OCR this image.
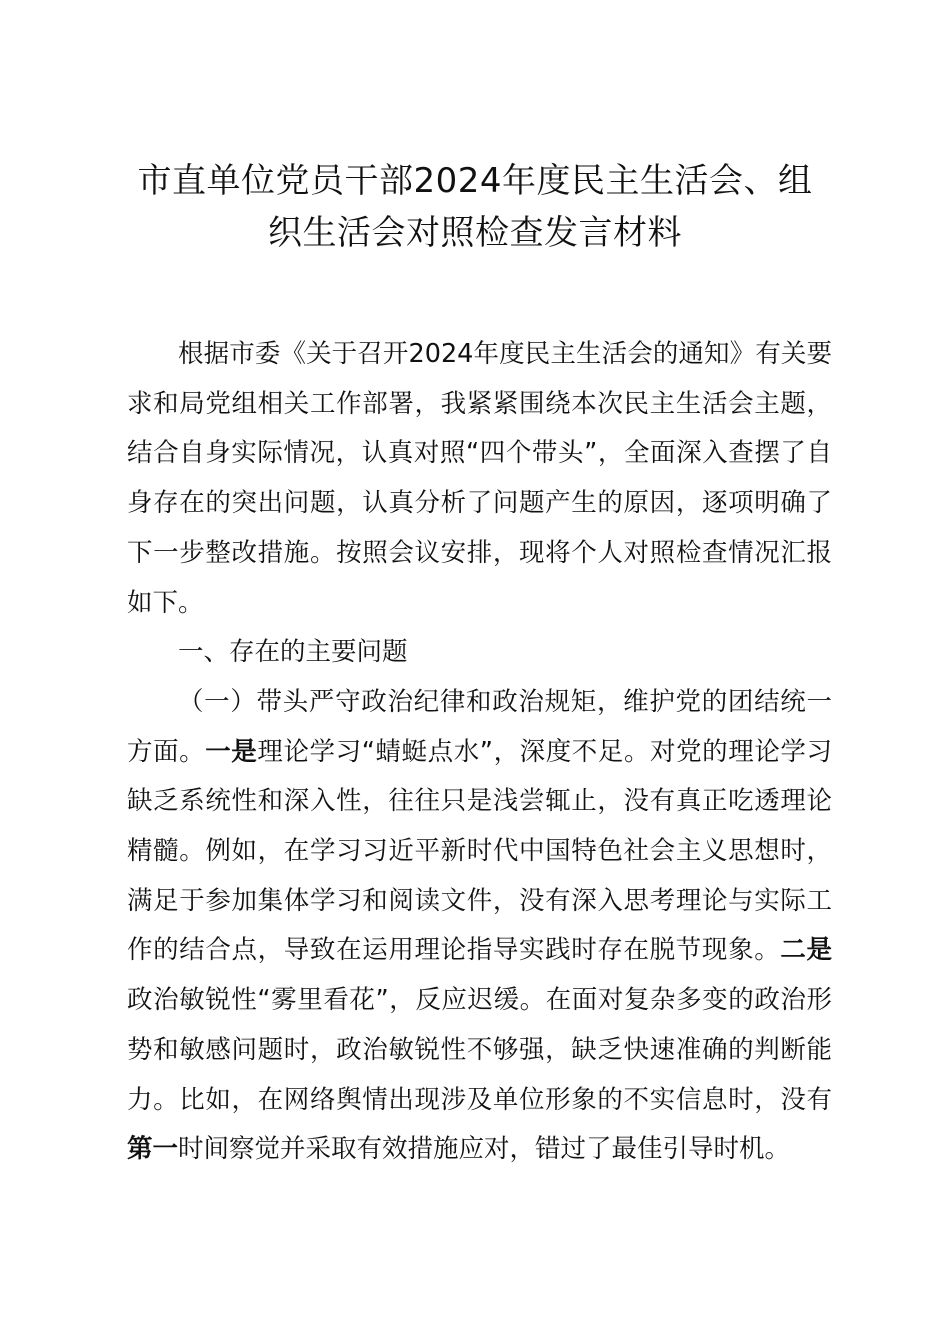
市直单位党员干部2024年度民主生活会、组
织生活会对照检查发言材料

根据市委《关于召开2024年度民主生活会的通知》有关要求和局党组相关工作部署，我紧紧围绕本次民主生活会主题，结合自身实际情况，认真对照“四个带头”，全面深入查摆了自身存在的突出问题，认真分析了问题产生的原因，逐项明确了下一步整改措施。按照会议安排，现将个人对照检查情况汇报如下。

一、存在的主要问题

（一）带头严守政治纪律和政治规矩，维护党的团结统一方面。一是理论学习“蜻蜓点水”，深度不足。对党的理论学习缺乏系统性和深入性，往往只是浅尝辄止，没有真正吃透理论精髓。例如，在学习习近平新时代中国特色社会主义思想时，满足于参加集体学习和阅读文件，没有深入思考理论与实际工作的结合点，导致在运用理论指导实践时存在脱节现象。二是政治敏锐性“雾里看花”，反应迟缓。在面对复杂多变的政治形势和敏感问题时，政治敏锐性不够强，缺乏快速准确的判断能力。比如，在网络舆情出现涉及单位形象的不实信息时，没有第一时间察觉并采取有效措施应对，错过了最佳引导时机。
